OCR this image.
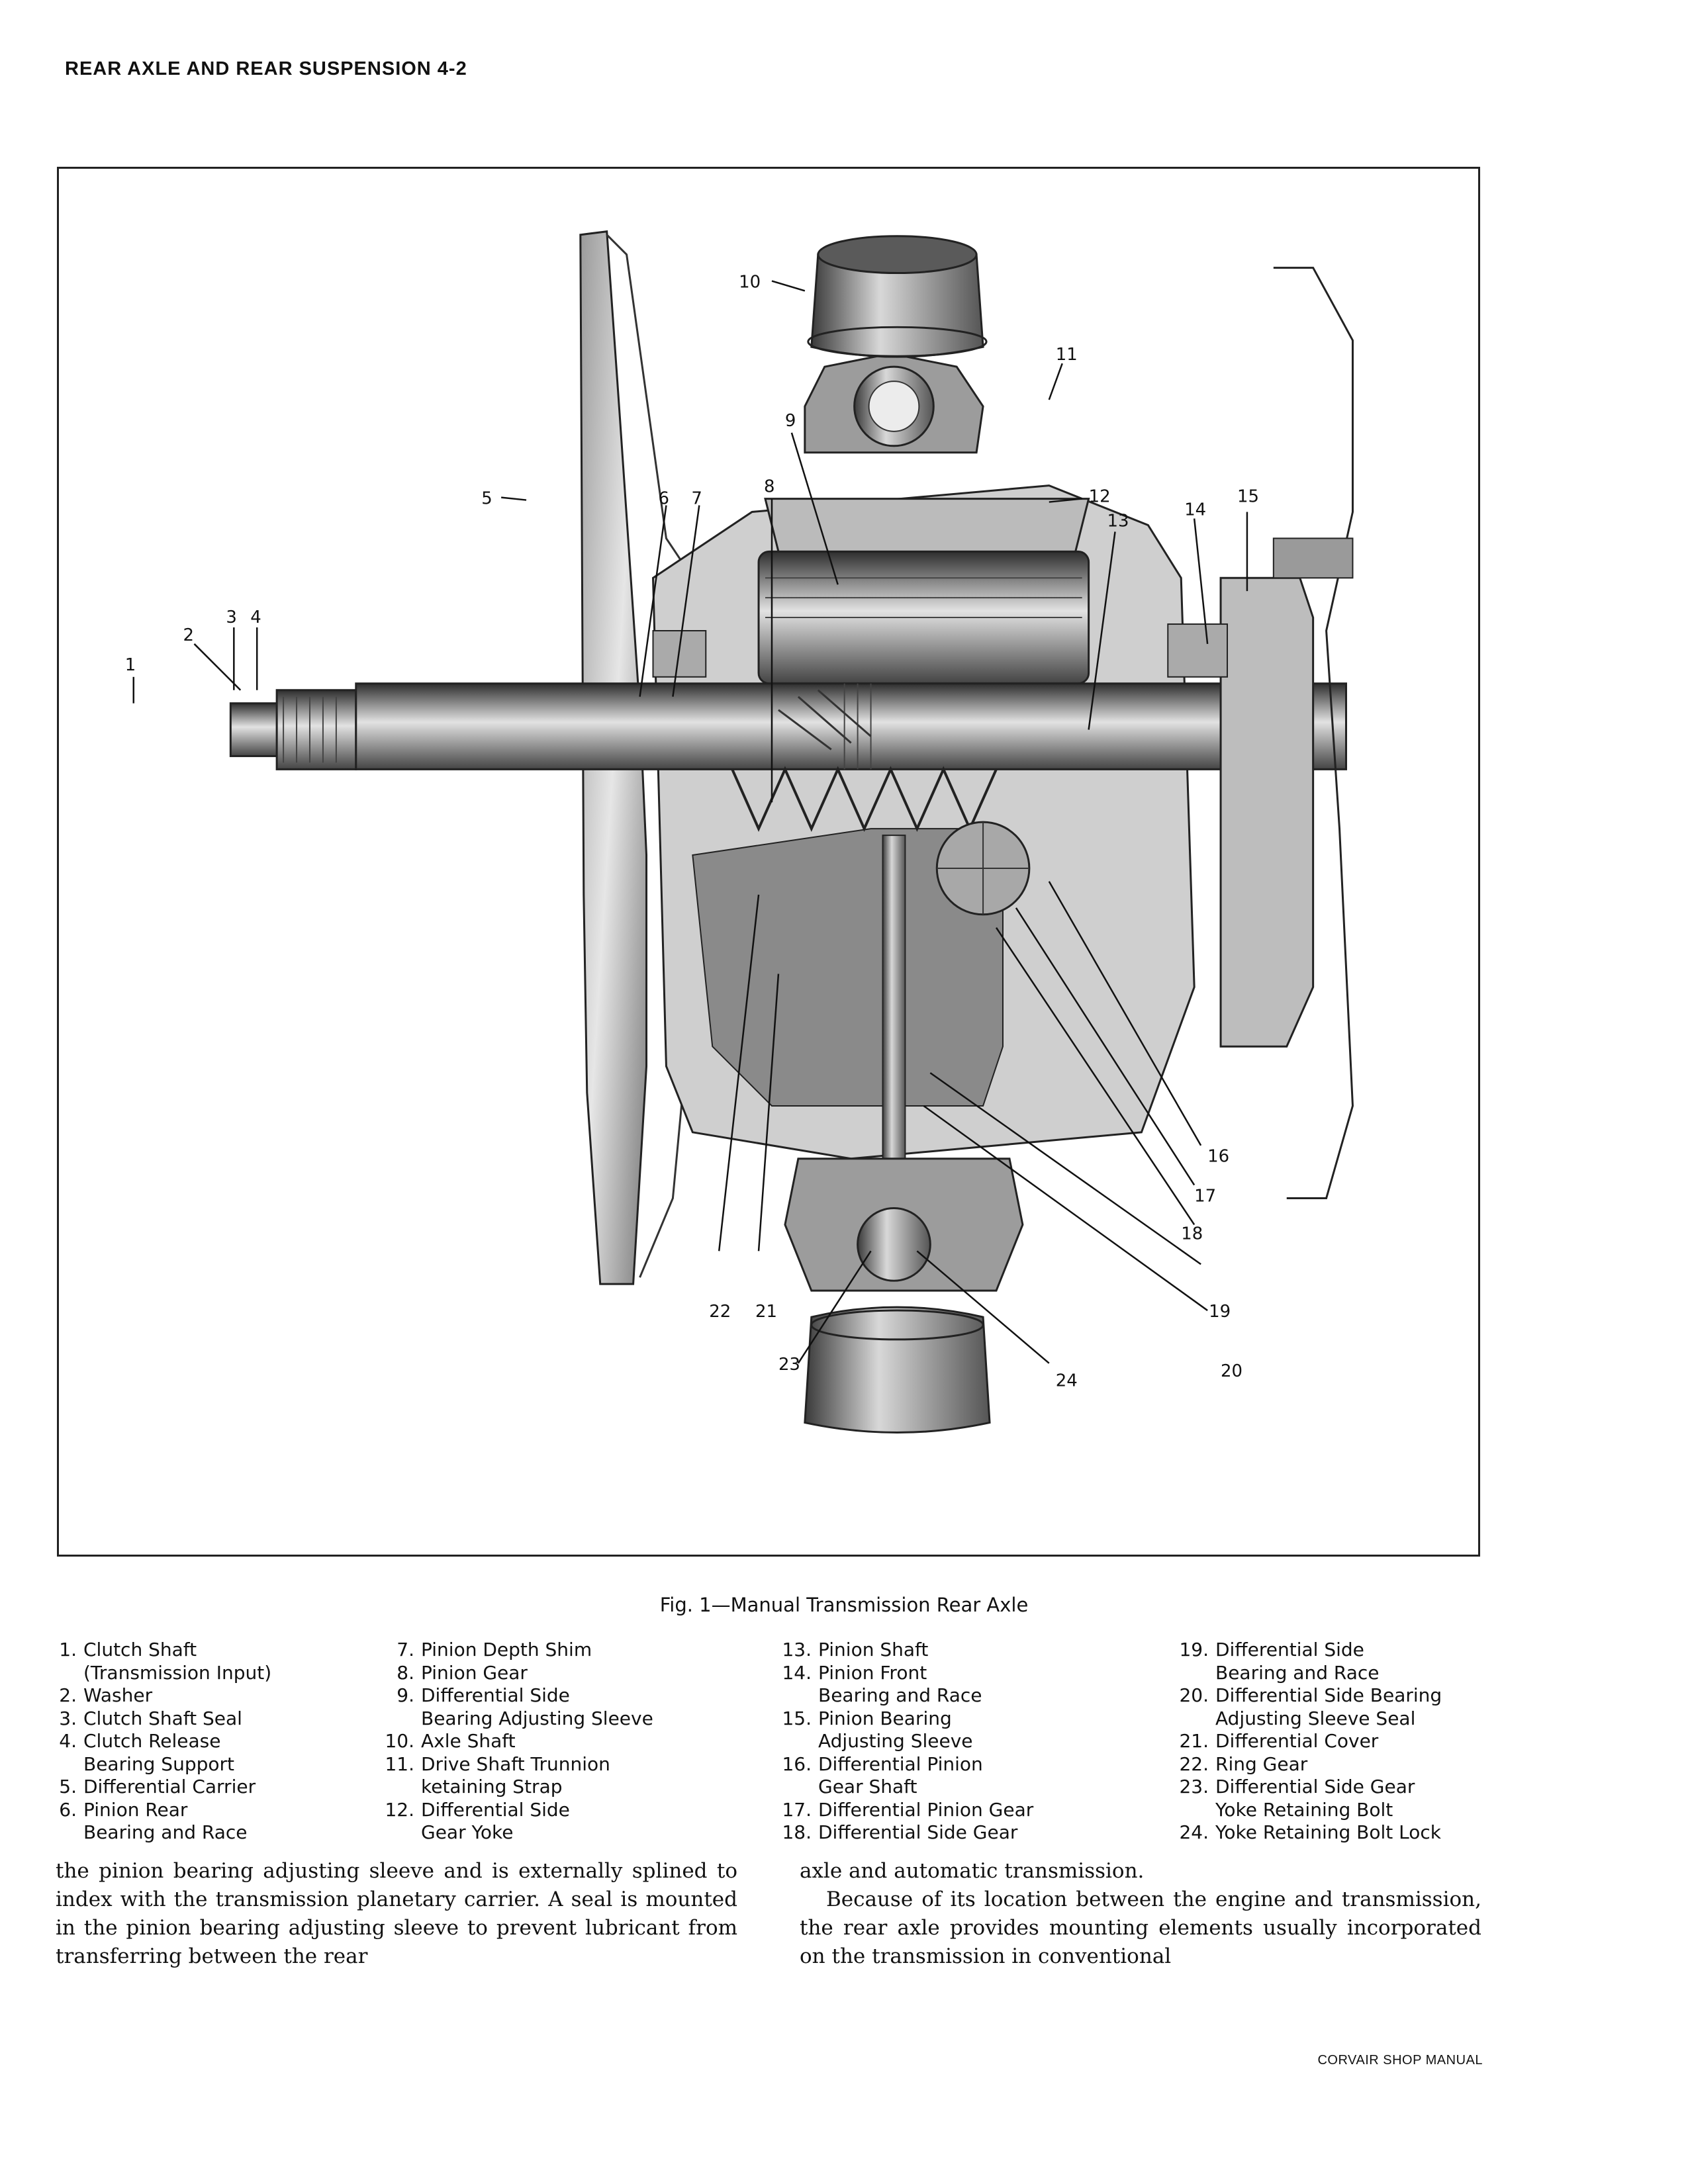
REAR AXLE AND REAR SUSPENSION 4-2
1
2
3 4
5	6 7
8
9
10
11
12
13
14
15
16
17
18
19
20
21
22
23
24
Fig. 1—Manual Transmission Rear Axle
1. Clutch Shaft
(Transmission Input)
2. Washer
3. Clutch Shaft Seal
4. Clutch Release
Bearing Support
5. Differential Carrier
6. Pinion Rear
Bearing and Race
7. Pinion Depth Shim
8. Pinion Gear
9. Differential Side
Bearing Adjusting Sleeve
10. Axle Shaft
11. Drive Shaft Trunnion
ketaining Strap
12. Differential Side
Gear Yoke
13. Pinion Shaft
14. Pinion Front
Bearing and Race
15. Pinion Bearing
Adjusting Sleeve
16. Differential Pinion
Gear Shaft
17. Differential Pinion Gear
18. Differential Side Gear
19. Differential Side
Bearing and Race
20. Differential Side Bearing
Adjusting Sleeve Seal
21. Differential Cover
22. Ring Gear
23. Differential Side Gear
Yoke Retaining Bolt
24. Yoke Retaining Bolt Lock

the pinion bearing adjusting sleeve and is externally splined to index with the transmission planetary carrier. A seal is mounted in the pinion bearing adjusting sleeve to prevent lubricant from transferring between the rear

axle and automatic transmission.

Because of its location between the engine and transmission, the rear axle provides mounting elements usually incorporated on the transmission in conventional

CORVAIR SHOP MANUAL
